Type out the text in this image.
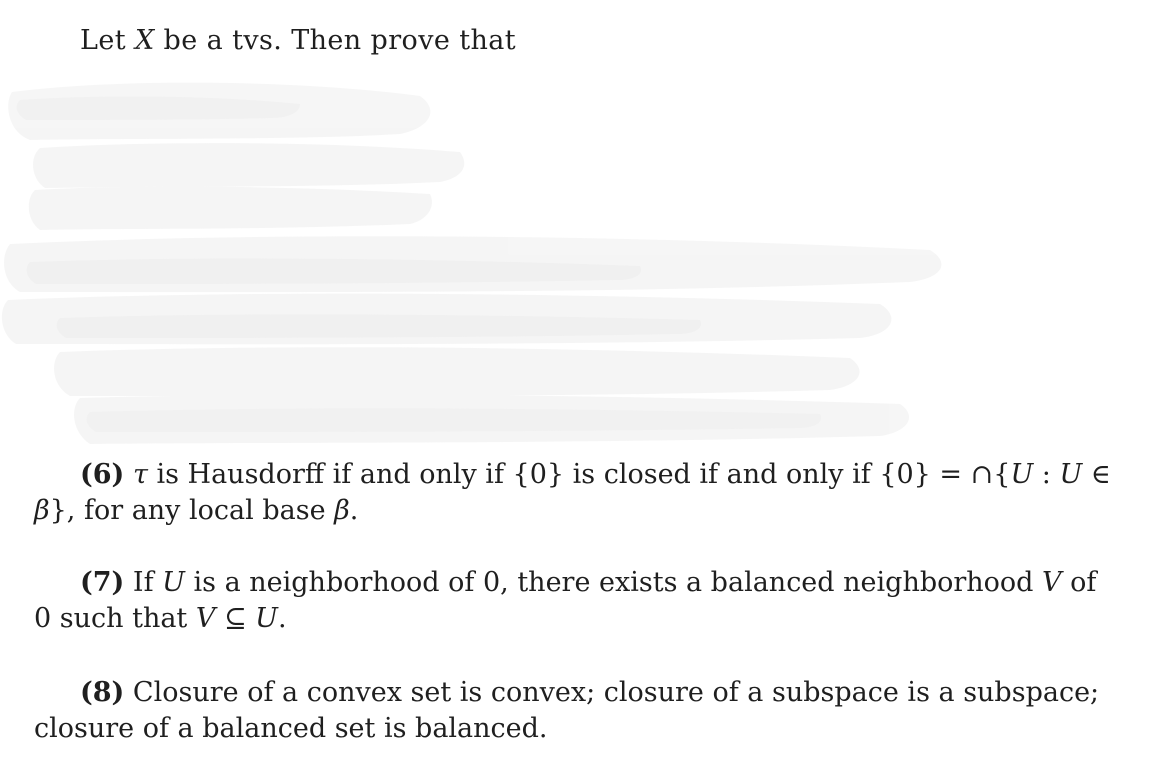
Let X be a tvs. Then prove that
(6) τ is Hausdorff if and only if {0} is closed if and only if {0} = ∩{U : U ∈
β}, for any local base β.
(7) If U is a neighborhood of 0, there exists a balanced neighborhood V of
0 such that V ⊆ U.
(8) Closure of a convex set is convex; closure of a subspace is a subspace;
closure of a balanced set is balanced.
